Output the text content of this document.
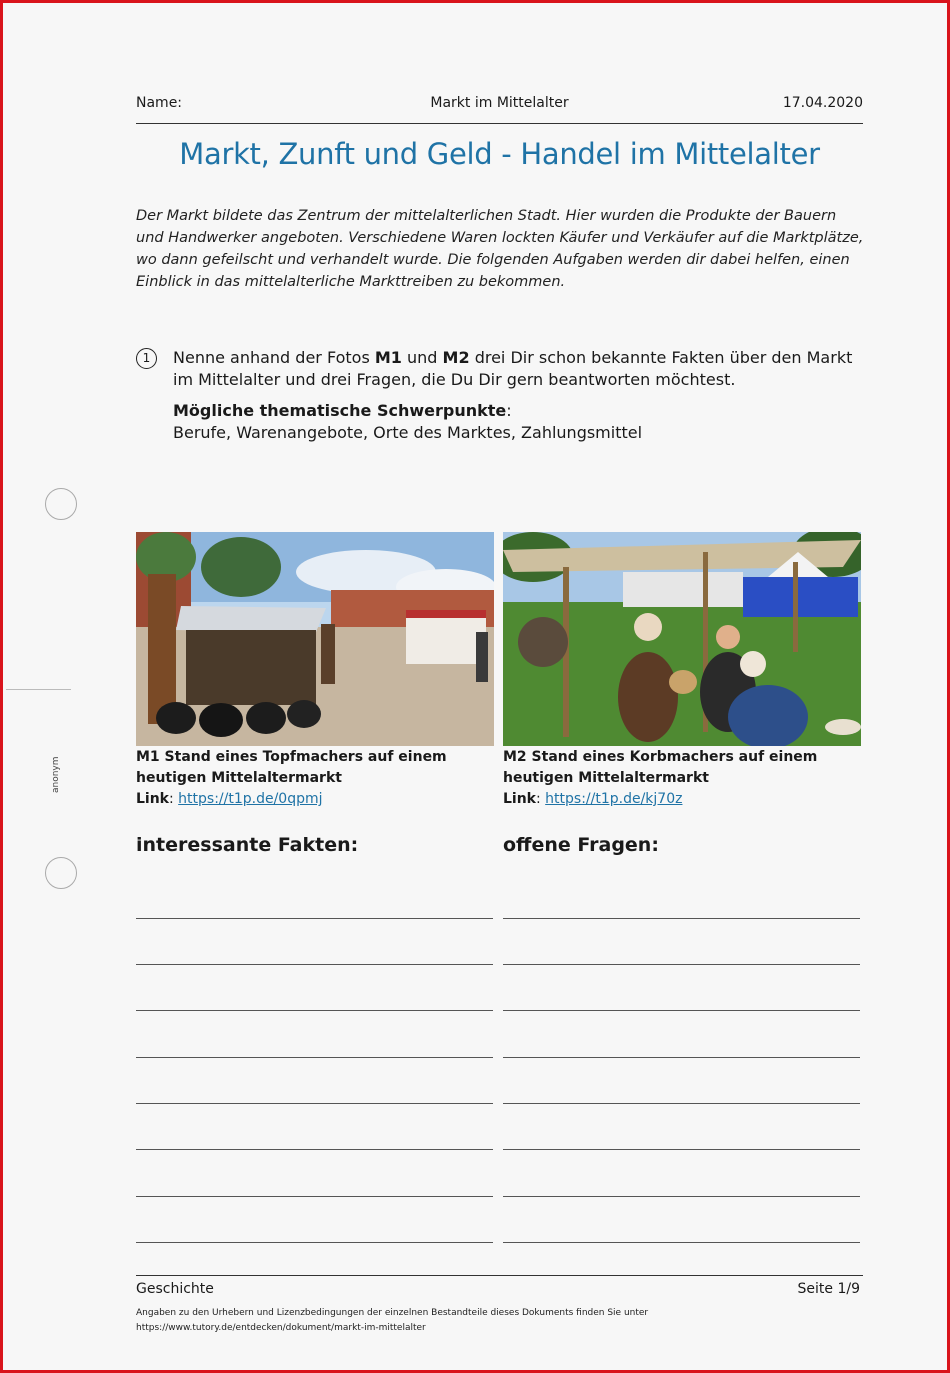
Name:	Markt im Mittelalter	17.04.2020
Markt, Zunft und Geld - Handel im Mittelalter
Der Markt bildete das Zentrum der mittelalterlichen Stadt. Hier wurden die Produkte der Bauern und Handwerker angeboten. Verschiedene Waren lockten Käufer und Verkäufer auf die Marktplätze, wo dann gefeilscht und verhandelt wurde. Die folgenden Aufgaben werden dir dabei helfen, einen Einblick in das mittelalterliche Markttreiben zu bekommen.
1	Nenne anhand der Fotos M1 und M2 drei Dir schon bekannte Fakten über den Markt im Mittelalter und drei Fragen, die Du Dir gern beantworten möchtest.
Mögliche thematische Schwerpunkte:
Berufe, Warenangebote, Orte des Marktes, Zahlungsmittel
anonym	M1 Stand eines Topfmachers auf einem heutigen Mittelaltermarkt
Link: https://t1p.de/0qpmj
M2 Stand eines Korbmachers auf einem heutigen Mittelaltermarkt
Link: https://t1p.de/kj70z
interessante Fakten:	offene Fragen:
Geschichte	Seite 1/9
Angaben zu den Urhebern und Lizenzbedingungen der einzelnen Bestandteile dieses Dokuments finden Sie unter
https://www.tutory.de/entdecken/dokument/markt-im-mittelalter
